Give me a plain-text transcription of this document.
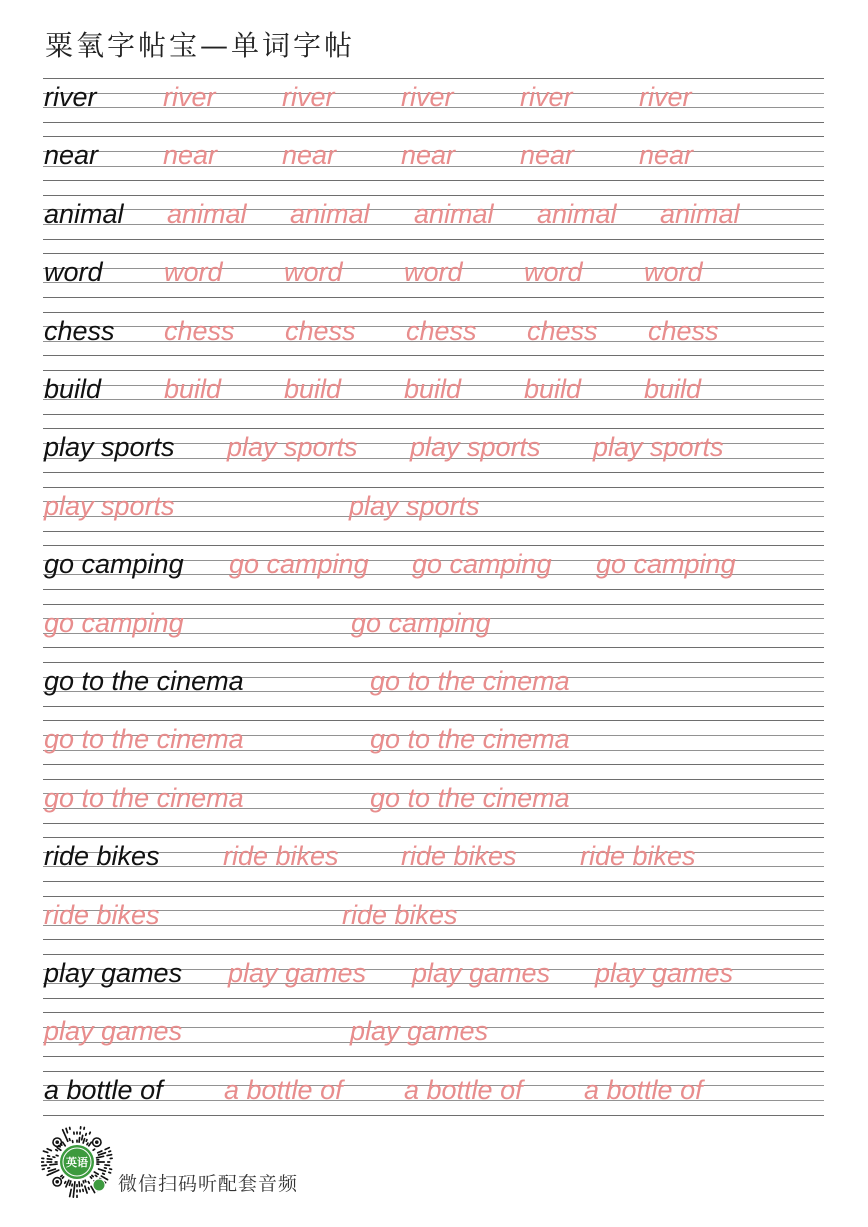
粟氧字帖宝—单词字帖
river river river river river river
near near near near near near
animal animal animal animal animal animal
word word word word word word
chess chess chess chess chess chess
build build build build build build
play sports play sports play sports play sports
play sports	play sports
go camping go camping go camping go camping
go camping	go camping
go to the cinema	go to the cinema
go to the cinema	go to the cinema
go to the cinema	go to the cinema
ride bikes ride bikes ride bikes ride bikes
ride bikes	ride bikes
play games play games play games play games
play games	play games
a bottle of a bottle of a bottle of a bottle of
英语
微信扫码听配套音频
